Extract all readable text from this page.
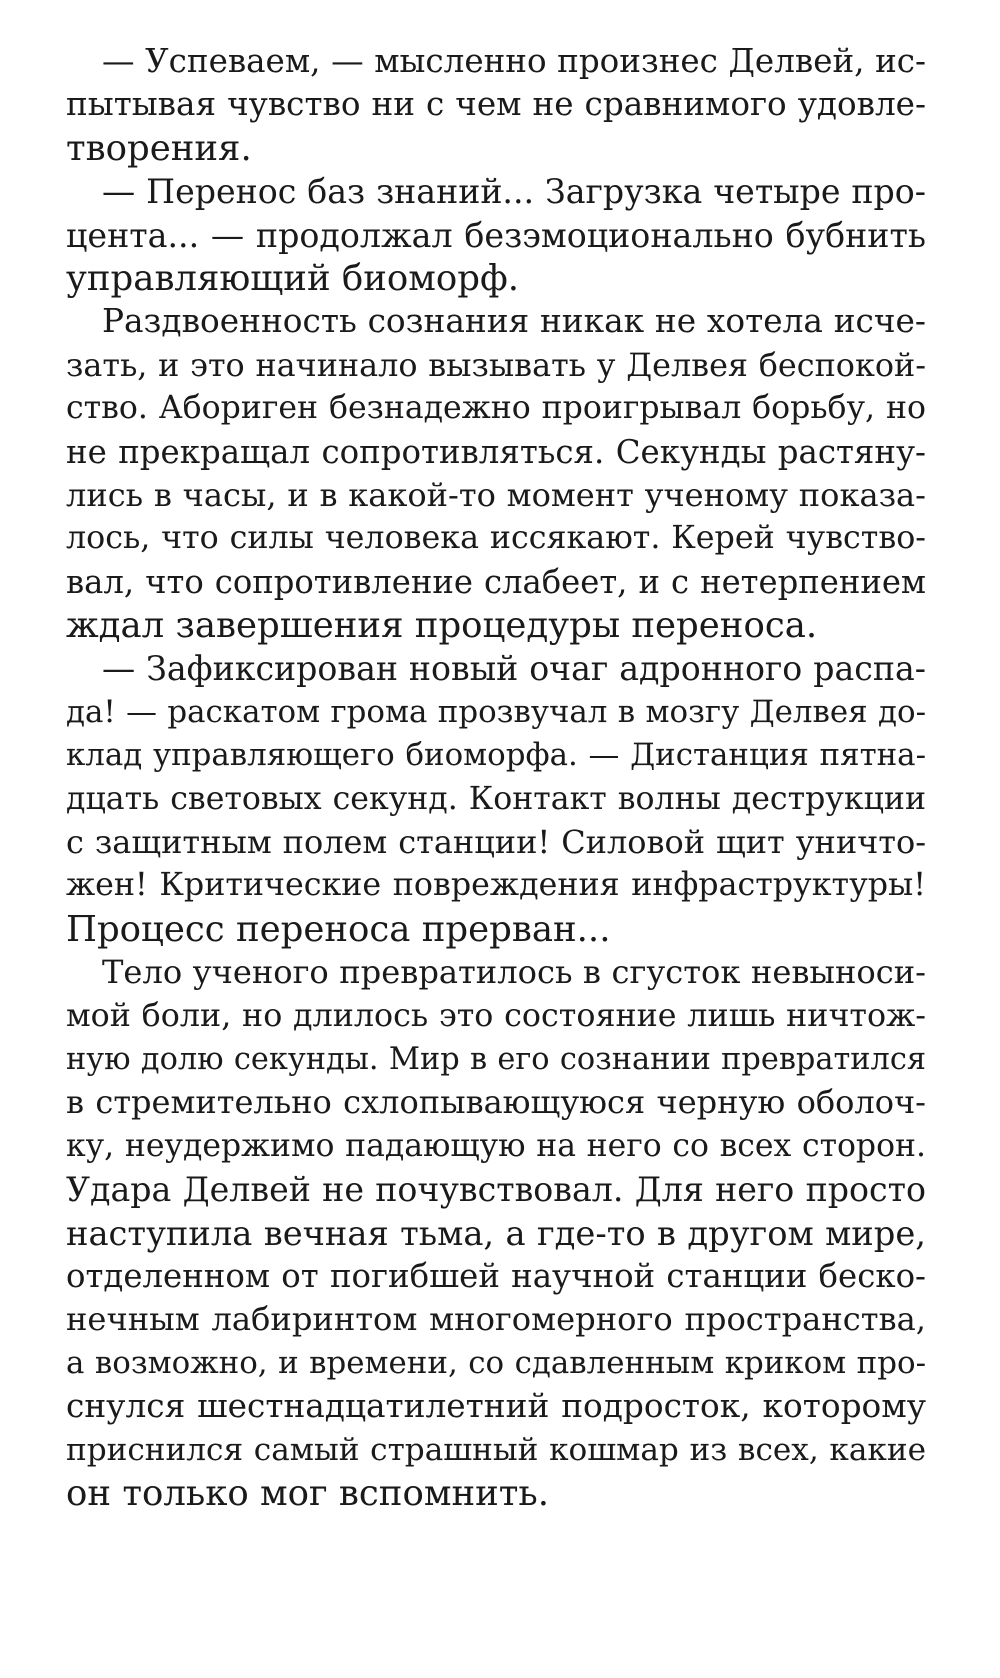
— Успеваем, — мысленно произнес Делвей, ис-
пытывая чувство ни с чем не сравнимого удовле-
творения.
— Перенос баз знаний... Загрузка четыре про-
цента... — продолжал безэмоционально бубнить
управляющий биоморф.
Раздвоенность сознания никак не хотела исче-
зать, и это начинало вызывать у Делвея беспокой-
ство. Абориген безнадежно проигрывал борьбу, но
не прекращал сопротивляться. Секунды растяну-
лись в часы, и в какой-то момент ученому показа-
лось, что силы человека иссякают. Керей чувство-
вал, что сопротивление слабеет, и с нетерпением
ждал завершения процедуры переноса.
— Зафиксирован новый очаг адронного распа-
да! — раскатом грома прозвучал в мозгу Делвея до-
клад управляющего биоморфа. — Дистанция пятна-
дцать световых секунд. Контакт волны деструкции
с защитным полем станции! Силовой щит уничто-
жен! Критические повреждения инфраструктуры!
Процесс переноса прерван...
Тело ученого превратилось в сгусток невыноси-
мой боли, но длилось это состояние лишь ничтож-
ную долю секунды. Мир в его сознании превратился
в стремительно схлопывающуюся черную оболоч-
ку, неудержимо падающую на него со всех сторон.
Удара Делвей не почувствовал. Для него просто
наступила вечная тьма, а где-то в другом мире,
отделенном от погибшей научной станции беско-
нечным лабиринтом многомерного пространства,
а возможно, и времени, со сдавленным криком про-
снулся шестнадцатилетний подросток, которому
приснился самый страшный кошмар из всех, какие
он только мог вспомнить.
